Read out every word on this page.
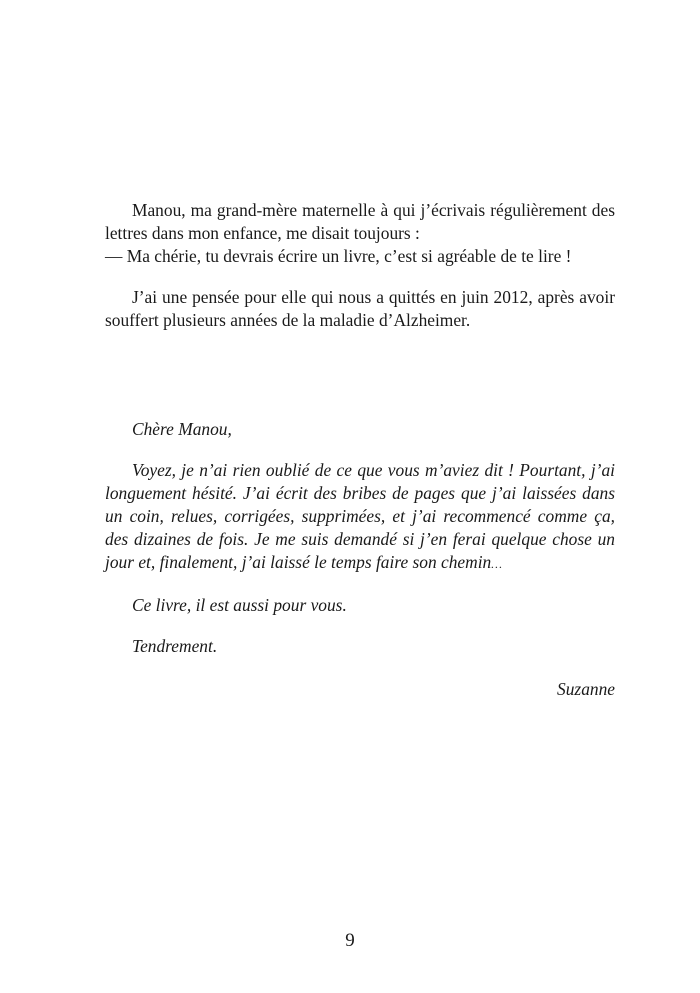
Manou, ma grand-mère maternelle à qui j’écrivais régulièrement des lettres dans mon enfance, me disait toujours :

— Ma chérie, tu devrais écrire un livre, c’est si agréable de te lire !

J’ai une pensée pour elle qui nous a quittés en juin 2012, après avoir souffert plusieurs années de la maladie d’Alzheimer.

Chère Manou,

Voyez, je n’ai rien oublié de ce que vous m’aviez dit ! Pourtant, j’ai longuement hésité. J’ai écrit des bribes de pages que j’ai laissées dans un coin, relues, corrigées, supprimées, et j’ai recommencé comme ça, des dizaines de fois. Je me suis demandé si j’en ferai quelque chose un jour et, finalement, j’ai laissé le temps faire son chemin…

Ce livre, il est aussi pour vous.

Tendrement.

Suzanne

9
